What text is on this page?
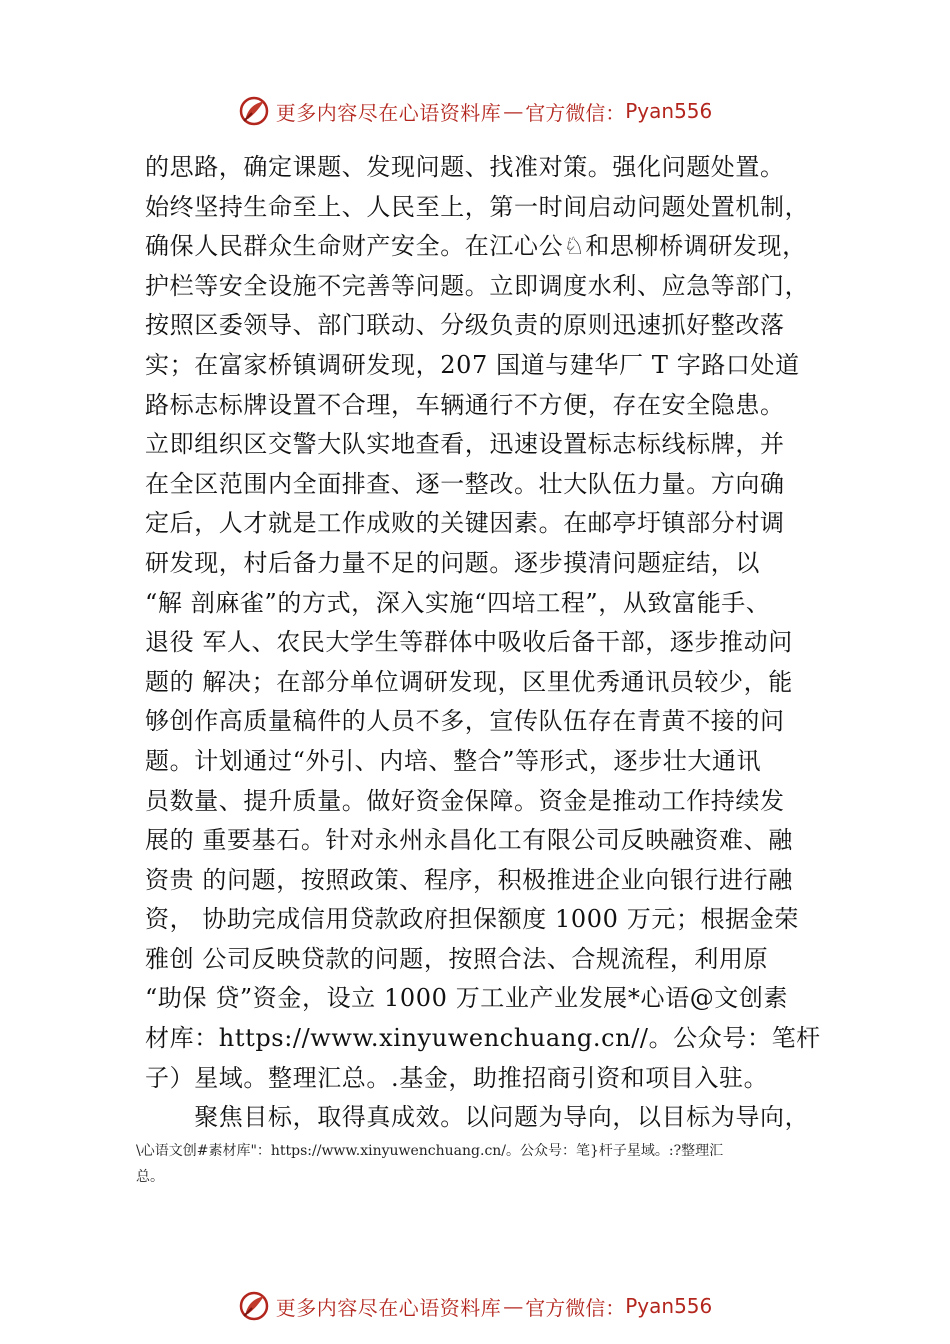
更多内容尽在心语资料库 — 官方微信： Pyan556
的思路，确定课题、发现问题、找准对策。强化问题处置。
始终坚持生命至上、人民至上，第一时间启动问题处置机制，
确保人民群众生命财产安全。在江心公♘和思柳桥调研发现，
护栏等安全设施不完善等问题。立即调度水利、应急等部门，
按照区委领导、部门联动、分级负责的原则迅速抓好整改落
实；在富家桥镇调研发现，207 国道与建华厂 T 字路口处道
路标志标牌设置不合理，车辆通行不方便，存在安全隐患。
立即组织区交警大队实地查看，迅速设置标志标线标牌，并
在全区范围内全面排查、逐一整改。壮大队伍力量。方向确
定后，人才就是工作成败的关键因素。在邮亭圩镇部分村调
研发现，村后备力量不足的问题。逐步摸清问题症结，以
“解 剖麻雀”的方式，深入实施“四培工程”，从致富能手、
退役 军人、农民大学生等群体中吸收后备干部，逐步推动问
题的 解决；在部分单位调研发现，区里优秀通讯员较少，能
够创作高质量稿件的人员不多，宣传队伍存在青黄不接的问
题。计划通过“外引、内培、整合”等形式，逐步壮大通讯
员数量、提升质量。做好资金保障。资金是推动工作持续发
展的 重要基石。针对永州永昌化工有限公司反映融资难、融
资贵 的问题，按照政策、程序，积极推进企业向银行进行融
资， 协助完成信用贷款政府担保额度 1000 万元；根据金荣
雅创 公司反映贷款的问题，按照合法、合规流程，利用原
“助保 贷”资金，设立 1000 万工业产业发展*心语@文创素
材库：https://www.xinyuwenchuang.cn//。公众号：笔杆
子）星域。整理汇总。.基金，助推招商引资和项目入驻。
　　聚焦目标，取得真成效。以问题为导向，以目标为导向，
\心语文创#素材库"：https://www.xinyuwenchuang.cn/。公众号：笔}杆子星域。:?整理汇
总。
更多内容尽在心语资料库 — 官方微信： Pyan556
